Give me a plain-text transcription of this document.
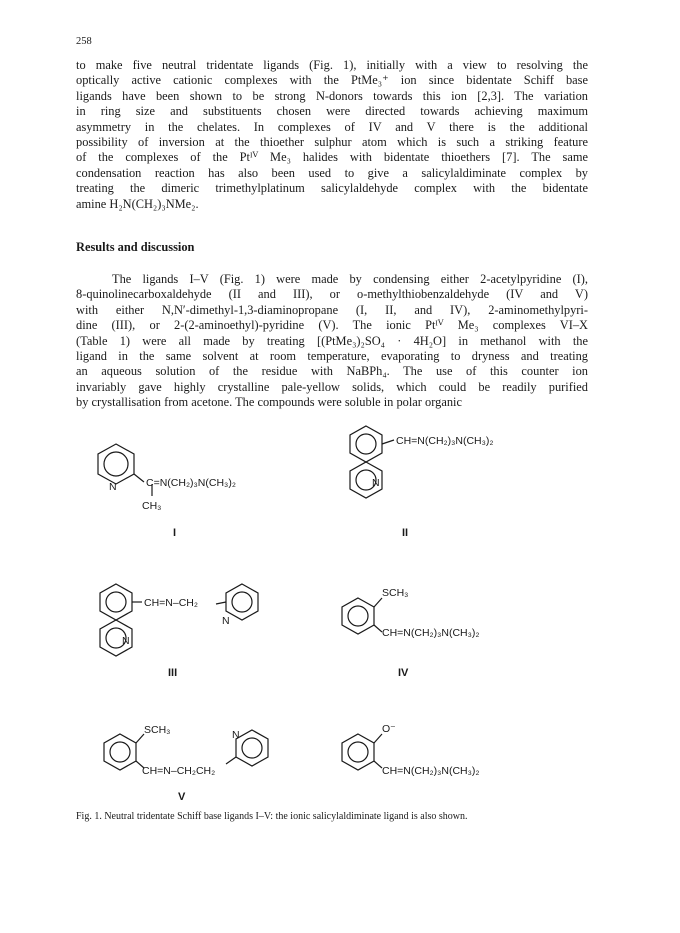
258
to make five neutral tridentate ligands (Fig. 1), initially with a view to resolving the
optically active cationic complexes with the PtMe₃⁺ ion since bidentate Schiff base
ligands have been shown to be strong N-donors towards this ion [2,3]. The variation
in ring size and substituents chosen were directed towards achieving maximum
asymmetry in the chelates. In complexes of IV and V there is the additional
possibility of inversion at the thioether sulphur atom which is such a striking feature
of the complexes of the Ptᴵⱽ Me₃ halides with bidentate thioethers [7]. The same
condensation reaction has also been used to give a salicylaldiminate complex by
treating the dimeric trimethylplatinum salicylaldehyde complex with the bidentate
amine H₂N(CH₂)₃NMe₂.
Results and discussion
The ligands I–V (Fig. 1) were made by condensing either 2-acetylpyridine (I),
8-quinolinecarboxaldehyde (II and III), or o-methylthiobenzaldehyde (IV and V)
with either N,N′-dimethyl-1,3-diaminopropane (I, II, and IV), 2-aminomethylpyri-
dine (III), or 2-(2-aminoethyl)-pyridine (V). The ionic Ptᴵⱽ Me₃ complexes VI–X
(Table 1) were all made by treating [(PtMe₃)₂SO₄ · 4H₂O] in methanol with the
ligand in the same solvent at room temperature, evaporating to dryness and treating
an aqueous solution of the residue with NaBPh₄. The use of this counter ion
invariably gave highly crystalline pale-yellow solids, which could be readily purified
by crystallisation from acetone. The compounds were soluble in polar organic
N	C=N(CH₂)₃N(CH₃)₂
CH₃
I
CH=N(CH₂)₃N(CH₃)₂
N
II
CH=N–CH₂
N
N
III
SCH₃
CH=N(CH₂)₃N(CH₃)₂
IV
SCH₃
CH=N–CH₂CH₂
N
V
O⁻
CH=N(CH₂)₃N(CH₃)₂

Fig. 1. Neutral tridentate Schiff base ligands I–V: the ionic salicylaldiminate ligand is also shown.
